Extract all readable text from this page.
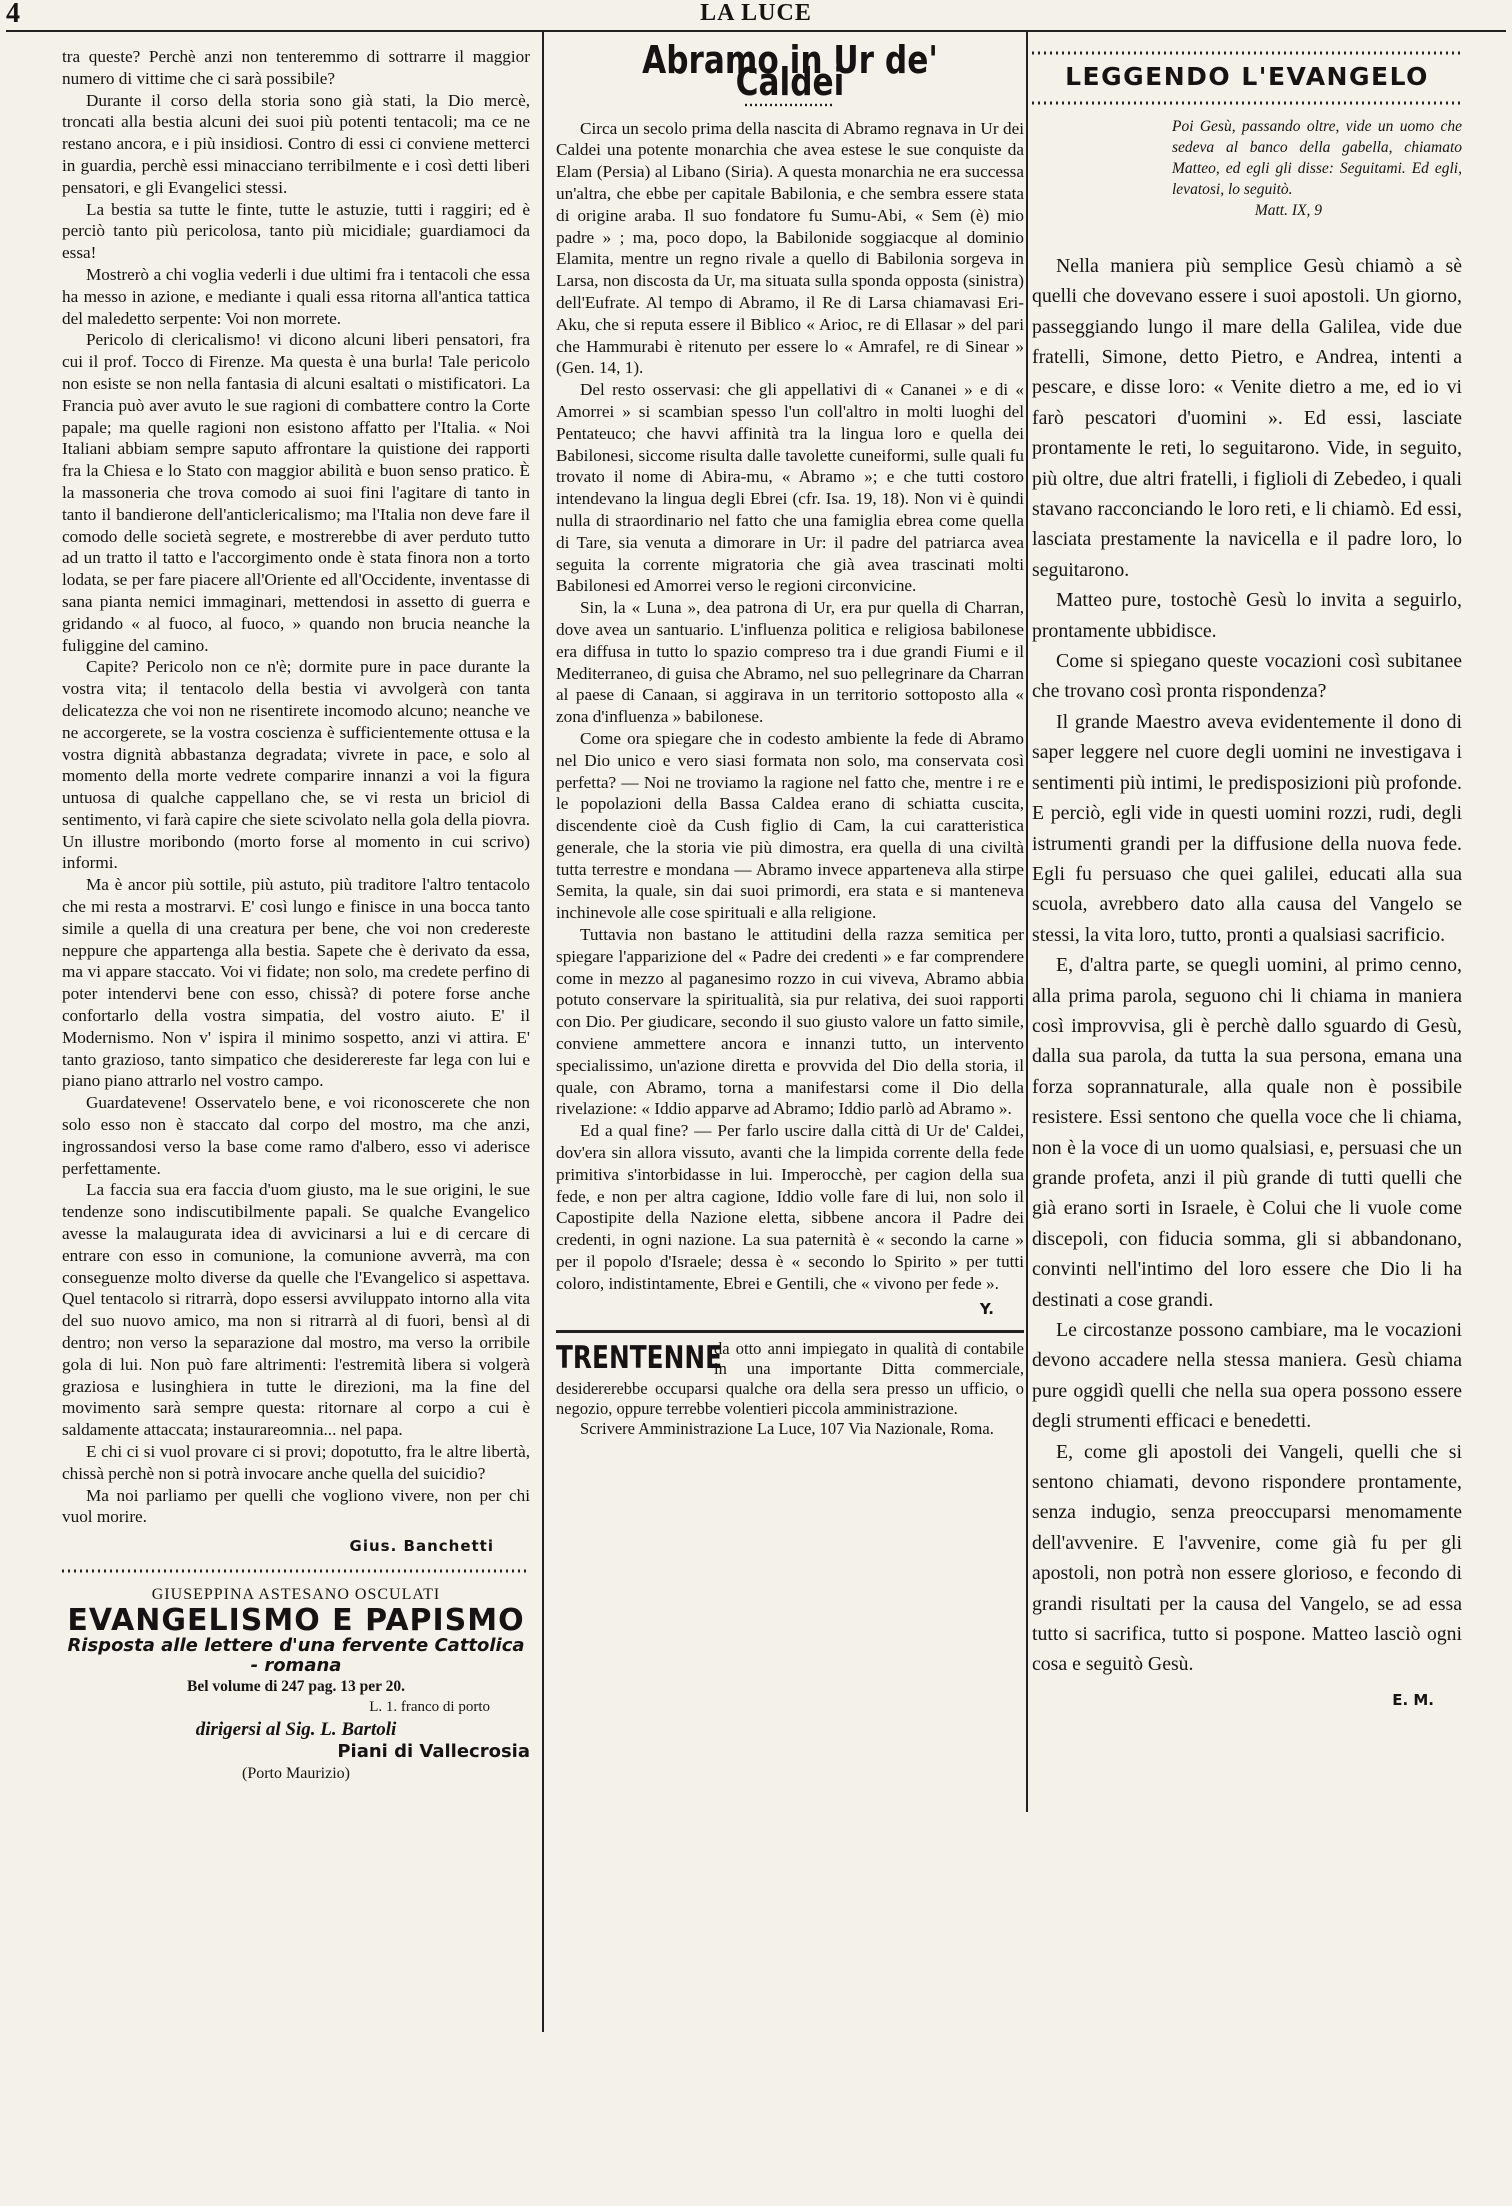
4	LA LUCE

tra queste? Perchè anzi non tenteremmo di sottrarre il maggior numero di vittime che ci sarà possibile?

Durante il corso della storia sono già stati, la Dio mercè, troncati alla bestia alcuni dei suoi più potenti tentacoli; ma ce ne restano ancora, e i più insidiosi. Contro di essi ci conviene metterci in guardia, perchè essi minacciano terribilmente e i così detti liberi pensatori, e gli Evangelici stessi.

La bestia sa tutte le finte, tutte le astuzie, tutti i raggiri; ed è perciò tanto più pericolosa, tanto più micidiale; guardiamoci da essa!

Mostrerò a chi voglia vederli i due ultimi fra i tentacoli che essa ha messo in azione, e mediante i quali essa ritorna all'antica tattica del maledetto serpente: Voi non morrete.

Pericolo di clericalismo! vi dicono alcuni liberi pensatori, fra cui il prof. Tocco di Firenze. Ma questa è una burla! Tale pericolo non esiste se non nella fantasia di alcuni esaltati o mistificatori. La Francia può aver avuto le sue ragioni di combattere contro la Corte papale; ma quelle ragioni non esistono affatto per l'Italia. « Noi Italiani abbiam sempre saputo affrontare la quistione dei rapporti fra la Chiesa e lo Stato con maggior abilità e buon senso pratico. È la massoneria che trova comodo ai suoi fini l'agitare di tanto in tanto il bandierone dell'anticlericalismo; ma l'Italia non deve fare il comodo delle società segrete, e mostrerebbe di aver perduto tutto ad un tratto il tatto e l'accorgimento onde è stata finora non a torto lodata, se per fare piacere all'Oriente ed all'Occidente, inventasse di sana pianta nemici immaginari, mettendosi in assetto di guerra e gridando « al fuoco, al fuoco, » quando non brucia neanche la fuliggine del camino.

Capite? Pericolo non ce n'è; dormite pure in pace durante la vostra vita; il tentacolo della bestia vi avvolgerà con tanta delicatezza che voi non ne risentirete incomodo alcuno; neanche ve ne accorgerete, se la vostra coscienza è sufficientemente ottusa e la vostra dignità abbastanza degradata; vivrete in pace, e solo al momento della morte vedrete comparire innanzi a voi la figura untuosa di qualche cappellano che, se vi resta un briciol di sentimento, vi farà capire che siete scivolato nella gola della piovra. Un illustre moribondo (morto forse al momento in cui scrivo) informi.

Ma è ancor più sottile, più astuto, più traditore l'altro tentacolo che mi resta a mostrarvi. E' così lungo e finisce in una bocca tanto simile a quella di una creatura per bene, che voi non credereste neppure che appartenga alla bestia. Sapete che è derivato da essa, ma vi appare staccato. Voi vi fidate; non solo, ma credete perfino di poter intendervi bene con esso, chissà? di potere forse anche confortarlo della vostra simpatia, del vostro aiuto. E' il Modernismo. Non v' ispira il minimo sospetto, anzi vi attira. E' tanto grazioso, tanto simpatico che desiderereste far lega con lui e piano piano attrarlo nel vostro campo.

Guardatevene! Osservatelo bene, e voi riconoscerete che non solo esso non è staccato dal corpo del mostro, ma che anzi, ingrossandosi verso la base come ramo d'albero, esso vi aderisce perfettamente.

La faccia sua era faccia d'uom giusto, ma le sue origini, le sue tendenze sono indiscutibilmente papali. Se qualche Evangelico avesse la malaugurata idea di avvicinarsi a lui e di cercare di entrare con esso in comunione, la comunione avverrà, ma con conseguenze molto diverse da quelle che l'Evangelico si aspettava. Quel tentacolo si ritrarrà, dopo essersi avviluppato intorno alla vita del suo nuovo amico, ma non si ritrarrà al di fuori, bensì al di dentro; non verso la separazione dal mostro, ma verso la orribile gola di lui. Non può fare altrimenti: l'estremità libera si volgerà graziosa e lusinghiera in tutte le direzioni, ma la fine del movimento sarà sempre questa: ritornare al corpo a cui è saldamente attaccata; instaurareomnia... nel papa.

E chi ci si vuol provare ci si provi; dopotutto, fra le altre libertà, chissà perchè non si potrà invocare anche quella del suicidio?

Ma noi parliamo per quelli che vogliono vivere, non per chi vuol morire.

Gius. Banchetti
GIUSEPPINA ASTESANO OSCULATI
EVANGELISMO E PAPISMO
Risposta alle lettere d'una fervente Cattolica - romana
Bel volume di 247 pag. 13 per 20.
L. 1. franco di porto
dirigersi al Sig. L. Bartoli
Piani di Vallecrosia
(Porto Maurizio)
Abramo in Ur de' Caldei

Circa un secolo prima della nascita di Abramo regnava in Ur dei Caldei una potente monarchia che avea estese le sue conquiste da Elam (Persia) al Libano (Siria). A questa monarchia ne era successa un'altra, che ebbe per capitale Babilonia, e che sembra essere stata di origine araba. Il suo fondatore fu Sumu-Abi, « Sem (è) mio padre » ; ma, poco dopo, la Babilonide soggiacque al dominio Elamita, mentre un regno rivale a quello di Babilonia sorgeva in Larsa, non discosta da Ur, ma situata sulla sponda opposta (sinistra) dell'Eufrate. Al tempo di Abramo, il Re di Larsa chiamavasi Eri-Aku, che si reputa essere il Biblico « Arioc, re di Ellasar » del pari che Hammurabi è ritenuto per essere lo « Amrafel, re di Sinear » (Gen. 14, 1).

Del resto osservasi: che gli appellativi di « Cananei » e di « Amorrei » si scambian spesso l'un coll'altro in molti luoghi del Pentateuco; che havvi affinità tra la lingua loro e quella dei Babilonesi, siccome risulta dalle tavolette cuneiformi, sulle quali fu trovato il nome di Abira-mu, « Abramo »; e che tutti costoro intendevano la lingua degli Ebrei (cfr. Isa. 19, 18). Non vi è quindi nulla di straordinario nel fatto che una famiglia ebrea come quella di Tare, sia venuta a dimorare in Ur: il padre del patriarca avea seguita la corrente migratoria che già avea trascinati molti Babilonesi ed Amorrei verso le regioni circonvicine.

Sin, la « Luna », dea patrona di Ur, era pur quella di Charran, dove avea un santuario. L'influenza politica e religiosa babilonese era diffusa in tutto lo spazio compreso tra i due grandi Fiumi e il Mediterraneo, di guisa che Abramo, nel suo pellegrinare da Charran al paese di Canaan, si aggirava in un territorio sottoposto alla « zona d'influenza » babilonese.

Come ora spiegare che in codesto ambiente la fede di Abramo nel Dio unico e vero siasi formata non solo, ma conservata così perfetta? — Noi ne troviamo la ragione nel fatto che, mentre i re e le popolazioni della Bassa Caldea erano di schiatta cuscita, discendente cioè da Cush figlio di Cam, la cui caratteristica generale, che la storia vie più dimostra, era quella di una civiltà tutta terrestre e mondana — Abramo invece apparteneva alla stirpe Semita, la quale, sin dai suoi primordi, era stata e si manteneva inchinevole alle cose spirituali e alla religione.

Tuttavia non bastano le attitudini della razza semitica per spiegare l'apparizione del « Padre dei credenti » e far comprendere come in mezzo al paganesimo rozzo in cui viveva, Abramo abbia potuto conservare la spiritualità, sia pur relativa, dei suoi rapporti con Dio. Per giudicare, secondo il suo giusto valore un fatto simile, conviene ammettere ancora e innanzi tutto, un intervento specialissimo, un'azione diretta e provvida del Dio della storia, il quale, con Abramo, torna a manifestarsi come il Dio della rivelazione: « Iddio apparve ad Abramo; Iddio parlò ad Abramo ».

Ed a qual fine? — Per farlo uscire dalla città di Ur de' Caldei, dov'era sin allora vissuto, avanti che la limpida corrente della fede primitiva s'intorbidasse in lui. Imperocchè, per cagion della sua fede, e non per altra cagione, Iddio volle fare di lui, non solo il Capostipite della Nazione eletta, sibbene ancora il Padre dei credenti, in ogni nazione. La sua paternità è « secondo la carne » per il popolo d'Israele; dessa è « secondo lo Spirito » per tutti coloro, indistintamente, Ebrei e Gentili, che « vivono per fede ».

Y.
TRENTENNE
da otto anni impiegato in qualità di contabile in una importante Ditta commerciale, desidererebbe occuparsi qualche ora della sera presso un ufficio, o negozio, oppure terrebbe volentieri piccola amministrazione.
Scrivere Amministrazione La Luce, 107 Via Nazionale, Roma.
LEGGENDO L'EVANGELO
Poi Gesù, passando oltre, vide un uomo che sedeva al banco della gabella, chiamato Matteo, ed egli gli disse: Seguitami. Ed egli, levatosi, lo seguitò.
Matt. IX, 9

Nella maniera più semplice Gesù chiamò a sè quelli che dovevano essere i suoi apostoli. Un giorno, passeggiando lungo il mare della Galilea, vide due fratelli, Simone, detto Pietro, e Andrea, intenti a pescare, e disse loro: « Venite dietro a me, ed io vi farò pescatori d'uomini ». Ed essi, lasciate prontamente le reti, lo seguitarono. Vide, in seguito, più oltre, due altri fratelli, i figlioli di Zebedeo, i quali stavano racconciando le loro reti, e li chiamò. Ed essi, lasciata prestamente la navicella e il padre loro, lo seguitarono.

Matteo pure, tostochè Gesù lo invita a seguirlo, prontamente ubbidisce.

Come si spiegano queste vocazioni così subitanee che trovano così pronta rispondenza?

Il grande Maestro aveva evidentemente il dono di saper leggere nel cuore degli uomini ne investigava i sentimenti più intimi, le predisposizioni più profonde. E perciò, egli vide in questi uomini rozzi, rudi, degli istrumenti grandi per la diffusione della nuova fede. Egli fu persuaso che quei galilei, educati alla sua scuola, avrebbero dato alla causa del Vangelo se stessi, la vita loro, tutto, pronti a qualsiasi sacrificio.

E, d'altra parte, se quegli uomini, al primo cenno, alla prima parola, seguono chi li chiama in maniera così improvvisa, gli è perchè dallo sguardo di Gesù, dalla sua parola, da tutta la sua persona, emana una forza soprannaturale, alla quale non è possibile resistere. Essi sentono che quella voce che li chiama, non è la voce di un uomo qualsiasi, e, persuasi che un grande profeta, anzi il più grande di tutti quelli che già erano sorti in Israele, è Colui che li vuole come discepoli, con fiducia somma, gli si abbandonano, convinti nell'intimo del loro essere che Dio li ha destinati a cose grandi.

Le circostanze possono cambiare, ma le vocazioni devono accadere nella stessa maniera. Gesù chiama pure oggidì quelli che nella sua opera possono essere degli strumenti efficaci e benedetti.

E, come gli apostoli dei Vangeli, quelli che si sentono chiamati, devono rispondere prontamente, senza indugio, senza preoccuparsi menomamente dell'avvenire. E l'avvenire, come già fu per gli apostoli, non potrà non essere glorioso, e fecondo di grandi risultati per la causa del Vangelo, se ad essa tutto si sacrifica, tutto si pospone. Matteo lasciò ogni cosa e seguitò Gesù.

E. M.
